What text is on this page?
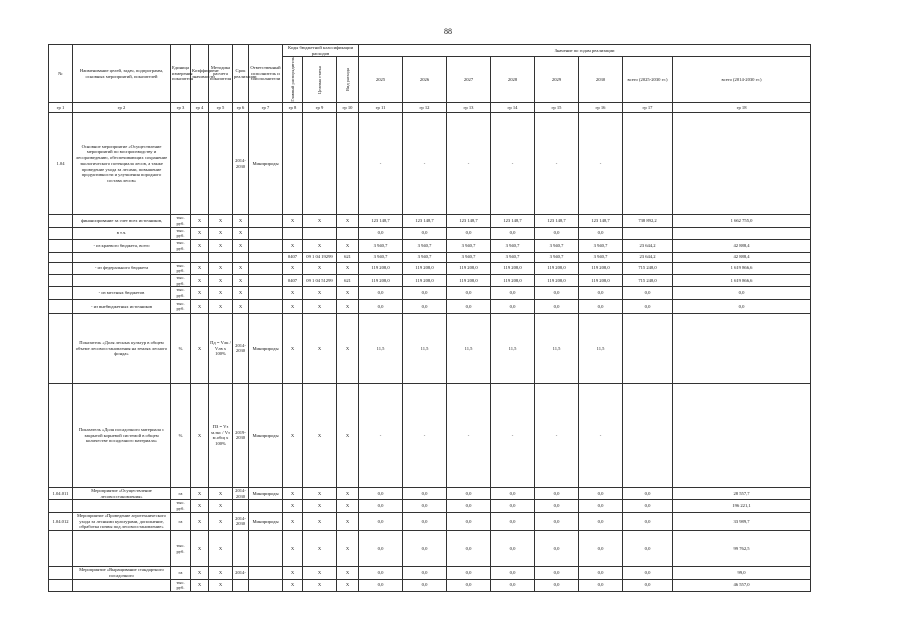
88
№	Наименование целей, задач, подпрограмм, основных мероприятий, показателей	Единица измерения показателя	Коэффициент значимости	Методика расчета показателя	Срок реализации	Ответственный исполнитель и соисполнители	Коды бюджетной классификации расходов			Значение по годам реализации							

							Главный распорядитель	Целевая статья	Вид расхода	2025	2026	2027	2028	2029	2030	всего (2025-2030 гг.)	всего (2014-2030 гг.)
гр 1	гр 2	гр 3	гр 4	гр 5	гр 6	гр 7	гр 8	гр 9	гр 10	гр 11	гр 12	гр 13	гр 14	гр 15	гр 16	гр 17	гр 18
1.04	Основное мероприятие «Осуществление мероприятий по воспроизводству и лесоразведению, обеспечивающих сохранение экологического потенциала лесов, а также проведение ухода за лесами, повышение продуктивности и улучшения породного состава лесов»				2014-2030	Минприроды				-	-	-	-	-	-		
	финансирование за счет всех источников,	тыс. руб.	X	X	X		X	X	X	123 148,7	123 148,7	123 148,7	123 148,7	123 148,7	123 148,7	738 892,2	1 662 755,0
	в т.ч.	тыс. руб.	X	X	X					0,0	0,0	0,0	0,0	0,0	0,0		
	- из краевого бюджета, всего	тыс. руб.	X	X	X		X	X	X	3 940,7	3 940,7	3 940,7	3 940,7	3 940,7	3 940,7	23 644,2	42 888,4
							0407	09 1 04 19299	621	3 940,7	3 940,7	3 940,7	3 940,7	3 940,7	3 940,7	23 644,2	42 888,4
	- из федерального бюджета	тыс. руб.	X	X	X		X	X	X	119 208,0	119 208,0	119 208,0	119 208,0	119 208,0	119 208,0	715 248,0	1 619 866,6
		тыс. руб.	X	X	X		0407	09 1 04 51299	621	119 208,0	119 208,0	119 208,0	119 208,0	119 208,0	119 208,0	715 248,0	1 619 866,6
	- из местных бюджетов	тыс. руб.	X	X	X		X	X	X	0,0	0,0	0,0	0,0	0,0	0,0	0,0	0,0
	- из внебюджетных источников	тыс. руб.	X	X	X		X	X	X	0,0	0,0	0,0	0,0	0,0	0,0	0,0	0,0
	Показатель «Доля лесных культур в общем объеме лесовосстановления на землях лесного фонда»	%	X	Пд = Vлк / Vлв x 100%	2014-2030	Минприроды	X	X	X	11,5	11,5	11,5	11,5	11,5	11,5		
	Показатель «Доля посадочного материала с закрытой корневой системой в общем количестве посадочного материала»	%	X	ПЗ = Vз м.зкс / Vз м.общ x 100%	2019-2030	Минприроды	X	X	X	-	-	-	-	-	-		
1.04.011	Мероприятие «Осуществление лесовосстановления»	га	X	X	2014-2030	Минприроды	X	X	X	0,0	0,0	0,0	0,0	0,0	0,0	0,0	28 557,7
		тыс. руб.	X	X			X	X	X	0,0	0,0	0,0	0,0	0,0	0,0	0,0	196 221,1
1.04.012	Мероприятие «Проведение агротехнического ухода за лесными культурами, дополнение, обработка почвы под лесовосстановление»	га	X	X	2014-2030	Минприроды	X	X	X	0,0	0,0	0,0	0,0	0,0	0,0	0,0	33 989,7
		тыс. руб.	X	X			X	X	X	0,0	0,0	0,0	0,0	0,0	0,0	0,0	99 762,5
	Мероприятие «Выращивание стандартного посадочного	га	X	X	2014-		X	X	X	0,0	0,0	0,0	0,0	0,0	0,0	0,0	99,0
		тыс. руб.	X	X			X	X	X	0,0	0,0	0,0	0,0	0,0	0,0	0,0	46 557,0
